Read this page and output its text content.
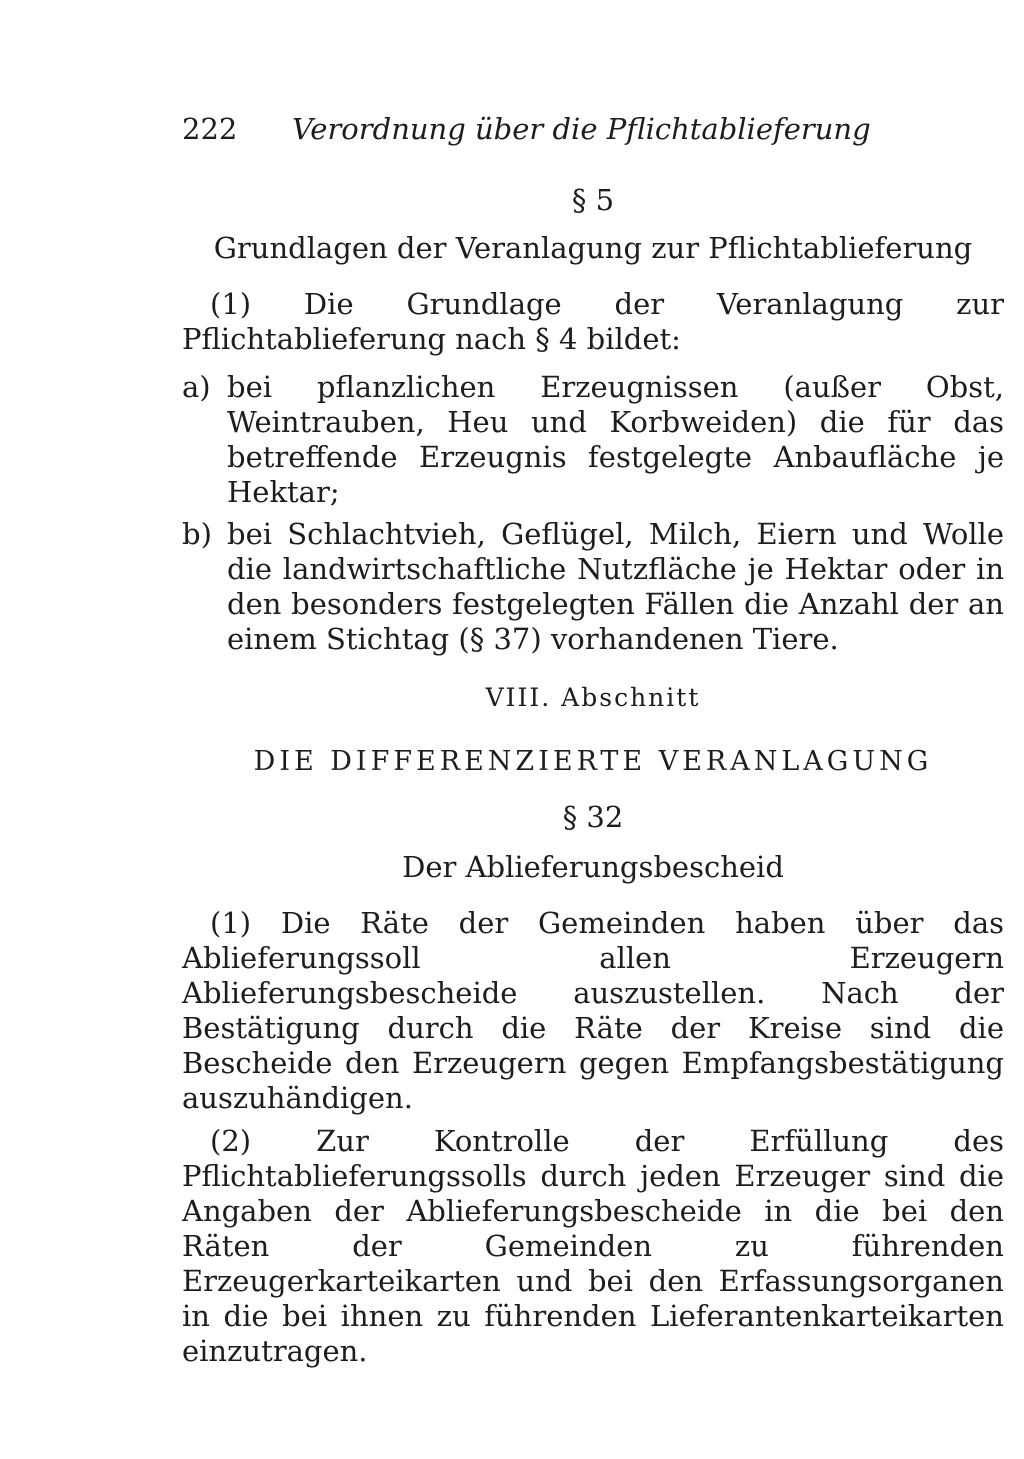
222 Verordnung über die Pflichtablieferung
§ 5
Grundlagen der Veranlagung zur Pflichtablieferung
(1) Die Grundlage der Veranlagung zur Pflichtablieferung nach § 4 bildet:
a) bei pflanzlichen Erzeugnissen (außer Obst, Weintrauben, Heu und Korbweiden) die für das betreffende Erzeugnis festgelegte Anbaufläche je Hektar;
b) bei Schlachtvieh, Geflügel, Milch, Eiern und Wolle die landwirtschaftliche Nutzfläche je Hektar oder in den besonders festgelegten Fällen die Anzahl der an einem Stichtag (§ 37) vorhandenen Tiere.
VIII. Abschnitt
DIE DIFFERENZIERTE VERANLAGUNG
§ 32
Der Ablieferungsbescheid
(1) Die Räte der Gemeinden haben über das Ablieferungssoll allen Erzeugern Ablieferungsbescheide auszustellen. Nach der Bestätigung durch die Räte der Kreise sind die Bescheide den Erzeugern gegen Empfangsbestätigung auszuhändigen.
(2) Zur Kontrolle der Erfüllung des Pflichtablieferungssolls durch jeden Erzeuger sind die Angaben der Ablieferungsbescheide in die bei den Räten der Gemeinden zu führenden Erzeugerkarteikarten und bei den Erfassungsorganen in die bei ihnen zu führenden Lieferantenkarteikarten einzutragen.
